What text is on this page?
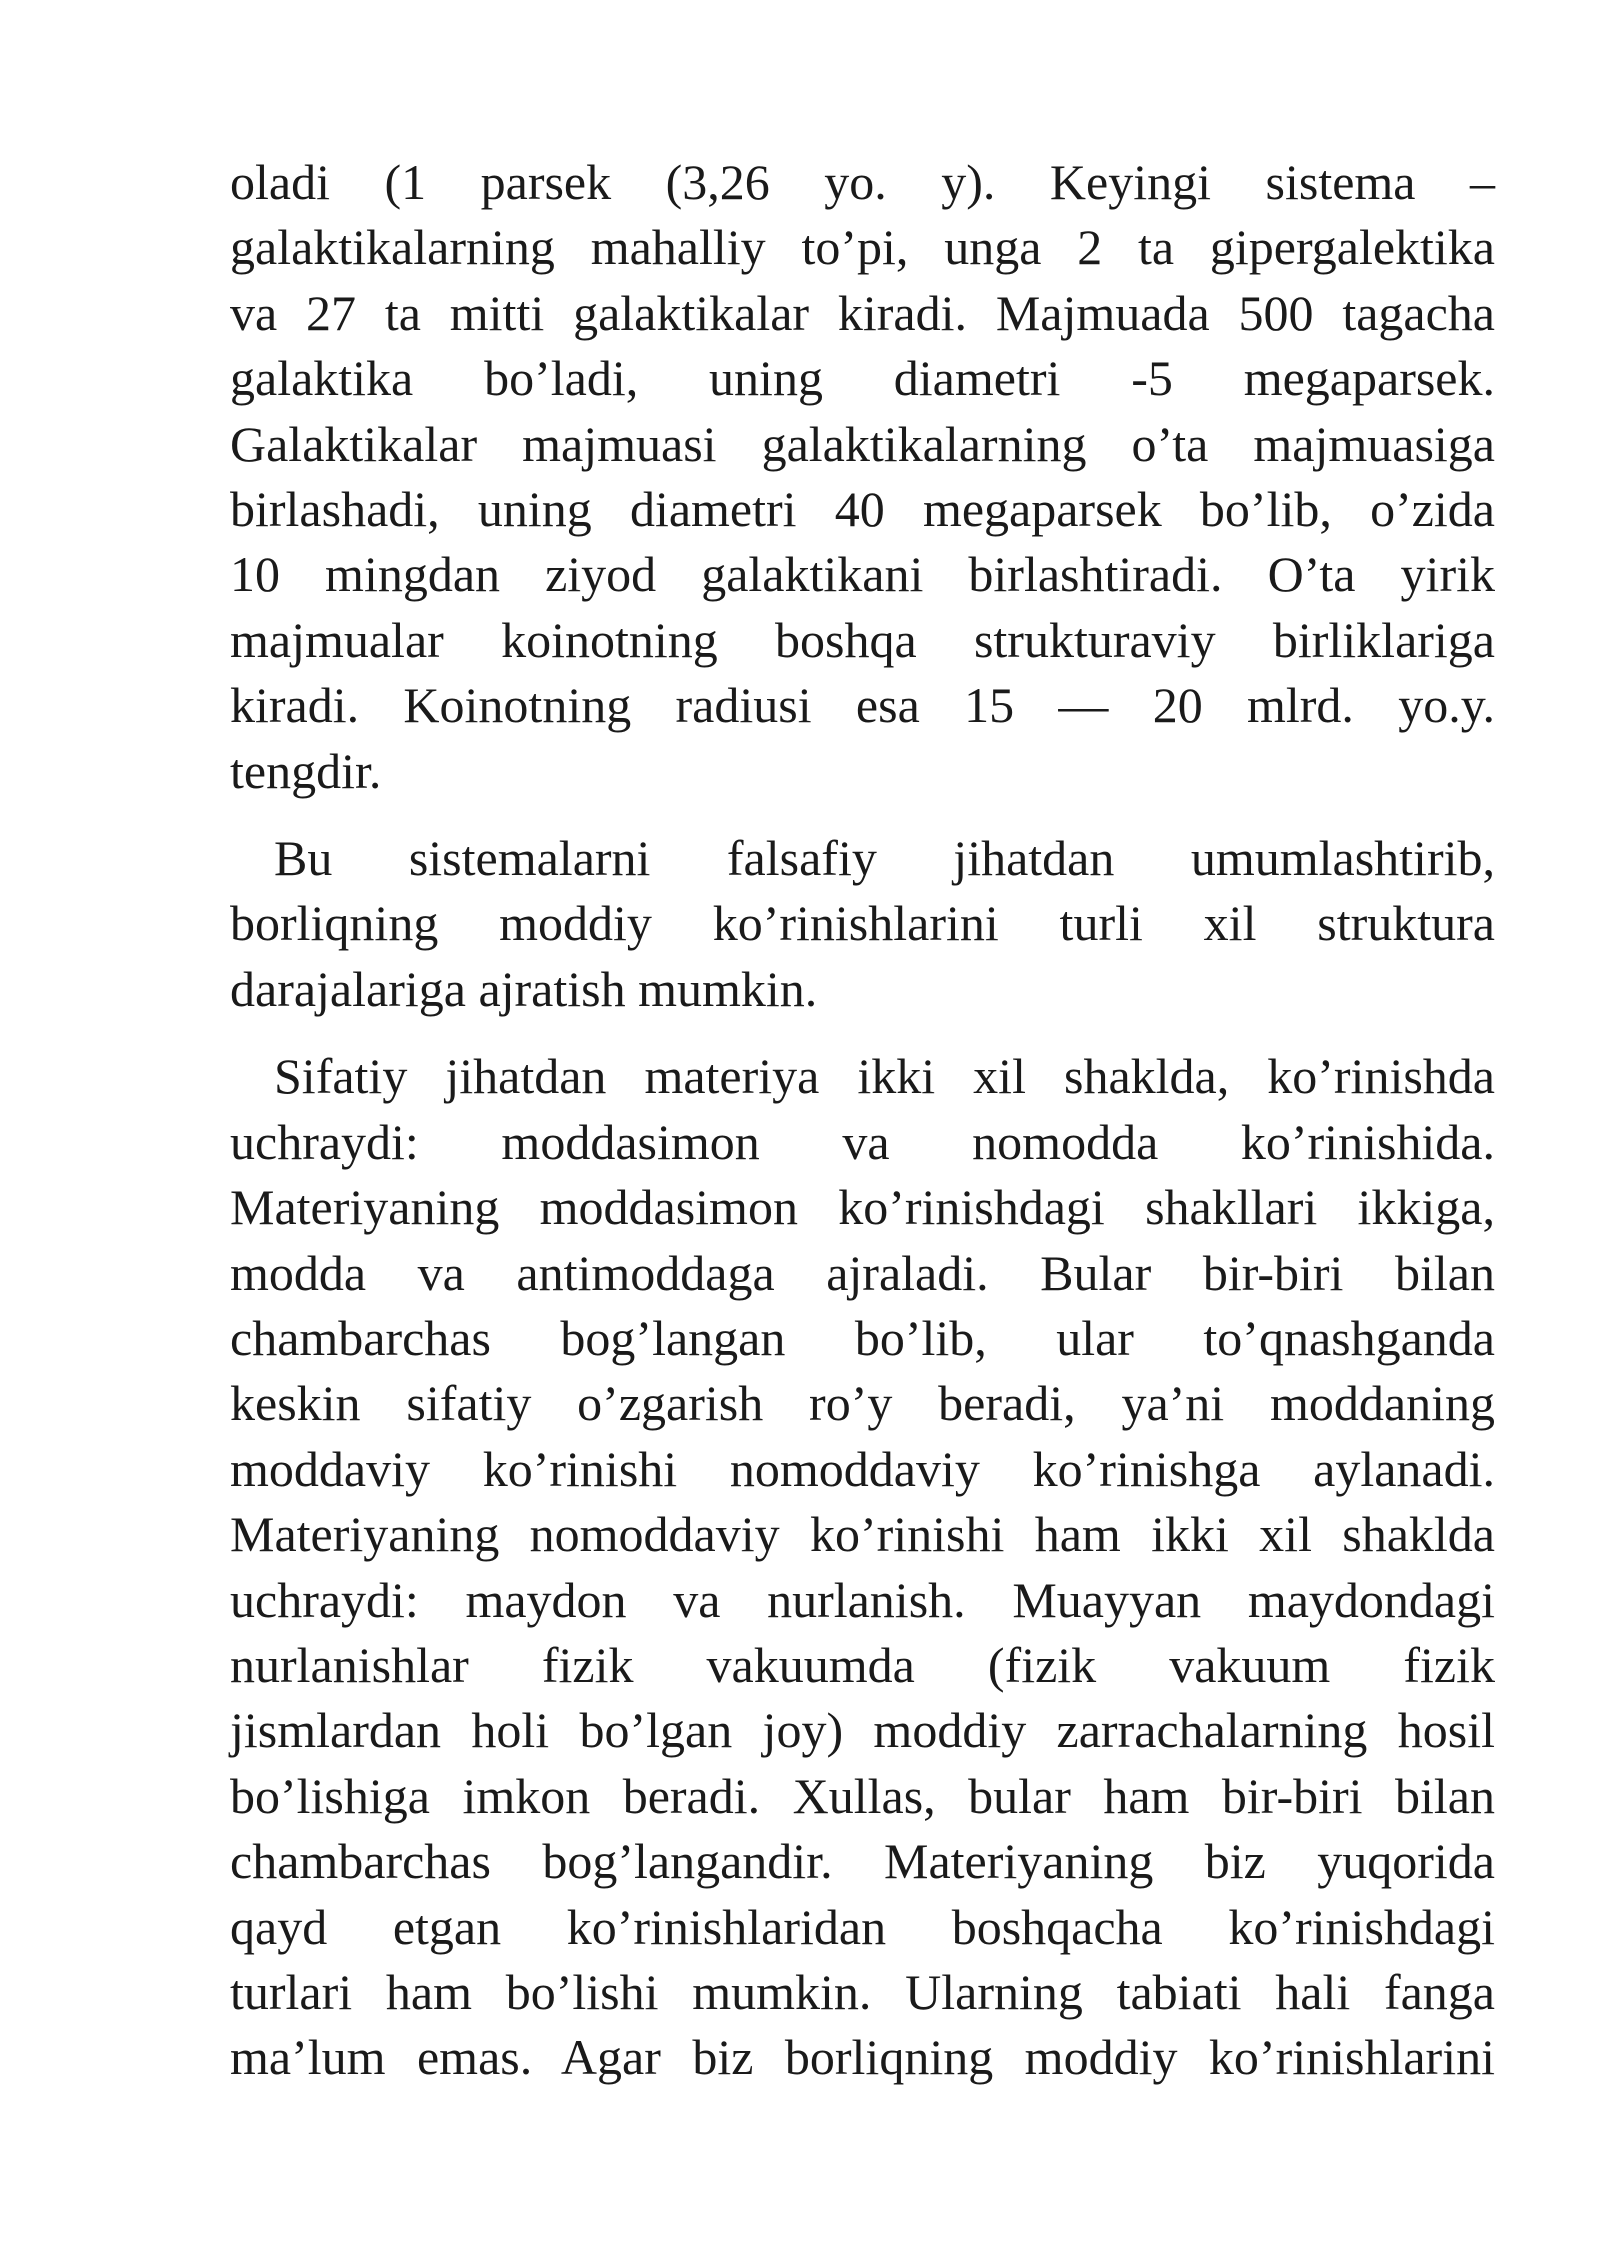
oladi (1 parsek (3,26 yo. y). Keyingi sistema –
galaktikalarning mahalliy to’pi, unga 2 ta gipergalektika
va 27 ta mitti galaktikalar kiradi. Majmuada 500 tagacha
galaktika bo’ladi, uning diametri -5 megaparsek.
Galaktikalar majmuasi galaktikalarning o’ta majmuasiga
birlashadi, uning diametri 40 megaparsek bo’lib, o’zida
10 mingdan ziyod galaktikani birlashtiradi. O’ta yirik
majmualar koinotning boshqa strukturaviy birliklariga
kiradi. Koinotning radiusi esa 15 — 20 mlrd. yo.y.
tengdir.
Bu sistemalarni falsafiy jihatdan umumlashtirib,
borliqning moddiy ko’rinishlarini turli xil struktura
darajalariga ajratish mumkin.
Sifatiy jihatdan materiya ikki xil shaklda, ko’rinishda
uchraydi: moddasimon va nomodda ko’rinishida.
Materiyaning moddasimon ko’rinishdagi shakllari ikkiga,
modda va antimoddaga ajraladi. Bular bir-biri bilan
chambarchas bog’langan bo’lib, ular to’qnashganda
keskin sifatiy o’zgarish ro’y beradi, ya’ni moddaning
moddaviy ko’rinishi nomoddaviy ko’rinishga aylanadi.
Materiyaning nomoddaviy ko’rinishi ham ikki xil shaklda
uchraydi: maydon va nurlanish. Muayyan maydondagi
nurlanishlar fizik vakuumda (fizik vakuum fizik
jismlardan holi bo’lgan joy) moddiy zarrachalarning hosil
bo’lishiga imkon beradi. Xullas, bular ham bir-biri bilan
chambarchas bog’langandir. Materiyaning biz yuqorida
qayd etgan ko’rinishlaridan boshqacha ko’rinishdagi
turlari ham bo’lishi mumkin. Ularning tabiati hali fanga
ma’lum emas. Agar biz borliqning moddiy ko’rinishlarini
